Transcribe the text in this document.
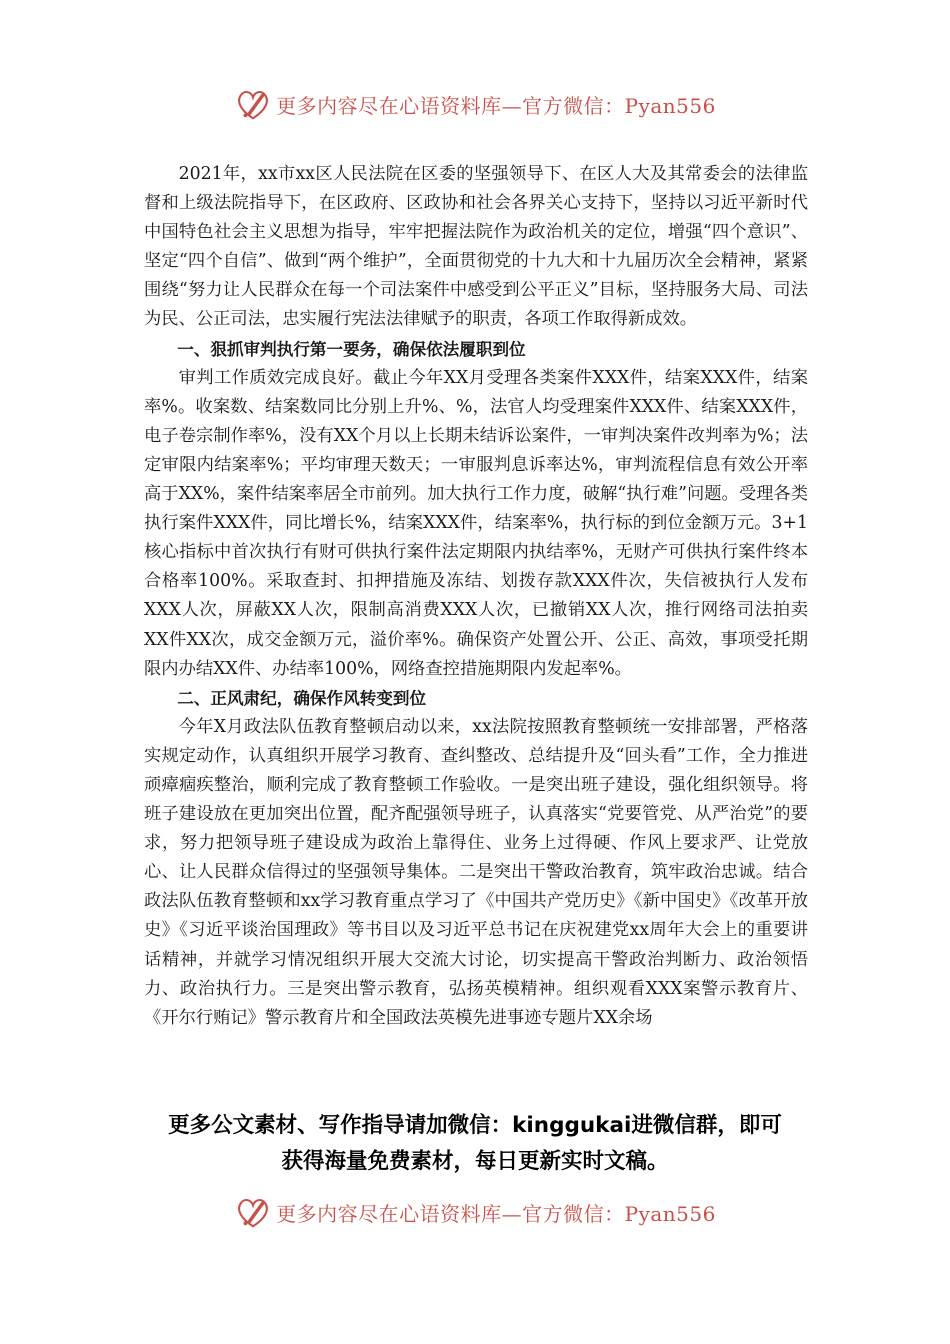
更多内容尽在心语资料库—官方微信：Pyan556

2021年，xx市xx区人民法院在区委的坚强领导下、在区人大及其常委会的法律监督和上级法院指导下，在区政府、区政协和社会各界关心支持下，坚持以习近平新时代中国特色社会主义思想为指导，牢牢把握法院作为政治机关的定位，增强“四个意识”、坚定“四个自信”、做到“两个维护”，全面贯彻党的十九大和十九届历次全会精神，紧紧围绕“努力让人民群众在每一个司法案件中感受到公平正义”目标，坚持服务大局、司法为民、公正司法，忠实履行宪法法律赋予的职责，各项工作取得新成效。

一、狠抓审判执行第一要务，确保依法履职到位

审判工作质效完成良好。截止今年XX月受理各类案件XXX件，结案XXX件，结案率%。收案数、结案数同比分别上升%、%，法官人均受理案件XXX件、结案XXX件，电子卷宗制作率%，没有XX个月以上长期未结诉讼案件，一审判决案件改判率为%；法定审限内结案率%；平均审理天数天；一审服判息诉率达%，审判流程信息有效公开率高于XX%，案件结案率居全市前列。加大执行工作力度，破解“执行难”问题。受理各类执行案件XXX件，同比增长%，结案XXX件，结案率%，执行标的到位金额万元。3+1核心指标中首次执行有财可供执行案件法定期限内执结率%，无财产可供执行案件终本合格率100%。采取查封、扣押措施及冻结、划拨存款XXX件次，失信被执行人发布XXX人次，屏蔽XX人次，限制高消费XXX人次，已撤销XX人次，推行网络司法拍卖XX件XX次，成交金额万元，溢价率%。确保资产处置公开、公正、高效，事项受托期限内办结XX件、办结率100%，网络查控措施期限内发起率%。

二、正风肃纪，确保作风转变到位

今年X月政法队伍教育整顿启动以来，xx法院按照教育整顿统一安排部署，严格落实规定动作，认真组织开展学习教育、查纠整改、总结提升及“回头看”工作，全力推进顽瘴痼疾整治，顺利完成了教育整顿工作验收。一是突出班子建设，强化组织领导。将班子建设放在更加突出位置，配齐配强领导班子，认真落实“党要管党、从严治党”的要求，努力把领导班子建设成为政治上靠得住、业务上过得硬、作风上要求严、让党放心、让人民群众信得过的坚强领导集体。二是突出干警政治教育，筑牢政治忠诚。结合政法队伍教育整顿和xx学习教育重点学习了《中国共产党历史》《新中国史》《改革开放史》《习近平谈治国理政》等书目以及习近平总书记在庆祝建党xx周年大会上的重要讲话精神，并就学习情况组织开展大交流大讨论，切实提高干警政治判断力、政治领悟力、政治执行力。三是突出警示教育，弘扬英模精神。组织观看XXX案警示教育片、《开尔行贿记》警示教育片和全国政法英模先进事迹专题片XX余场

更多公文素材、写作指导请加微信：kinggukai进微信群，即可
获得海量免费素材，每日更新实时文稿。
更多内容尽在心语资料库—官方微信：Pyan556
